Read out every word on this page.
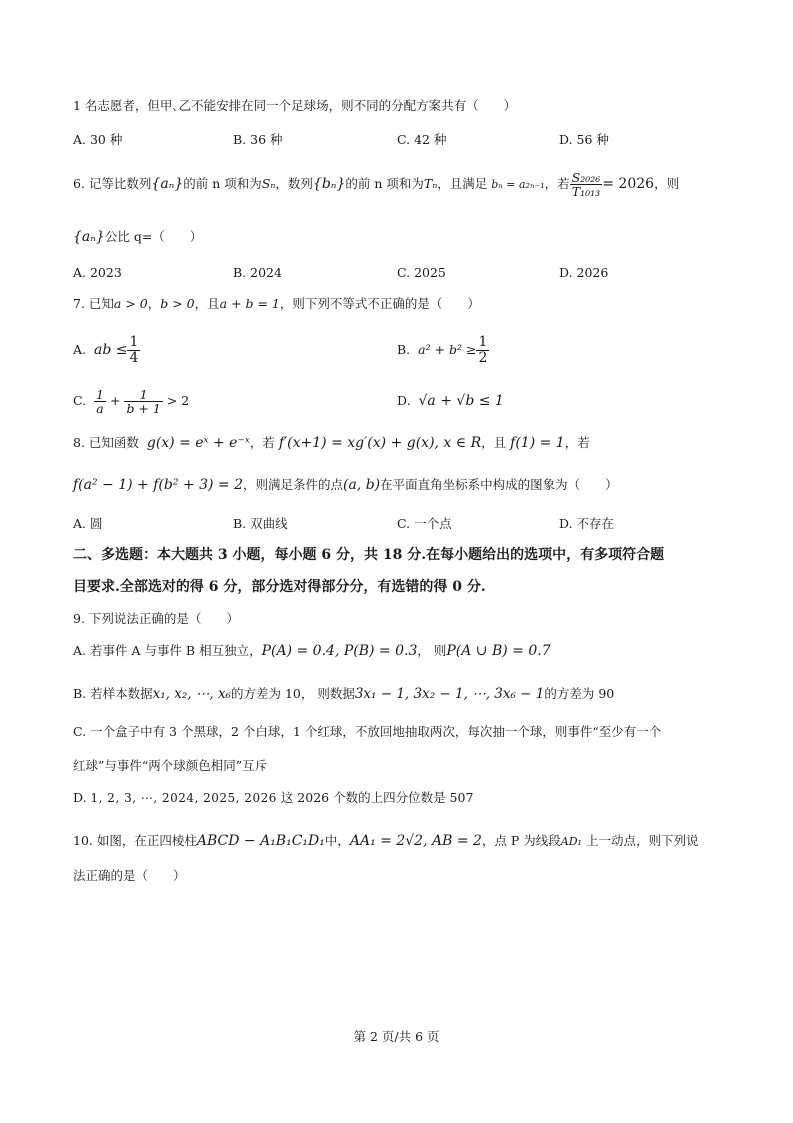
1 名志愿者，但甲､乙不能安排在同一个足球场，则不同的分配方案共有（　　）
A. 30 种	B. 36 种	C. 42 种	D. 56 种
6. 记等比数列{aₙ}的前 n 项和为Sₙ，数列{bₙ}的前 n 项和为Tₙ，且满足 bₙ = a₂ₙ₋₁，若 $\frac{\text{S₂₀₂₆}}{\text{T₁₀₁₃}} = 2026$，则
{aₙ}公比 q=（　　）
A. 2023	B. 2024	C. 2025	D. 2026
7. 已知a > 0，b > 0，且a + b = 1，则下列不等式不正确的是（　　）
A. ab ≤ $\frac{1}{4}$	B. $a^2 + b^2 \ge \frac{1}{2}$
C. $\frac{1}{a} + \frac{1}{b + 1} > 2$	D. √a + √b ≤ 1
8. 已知函数 g(x) = eˣ + e⁻ˣ，若 f′(x+1) = xg′(x) + g(x), x ∈ R，且 f(1) = 1，若
f(a² − 1) + f(b² + 3) = 2，则满足条件的点(a, b)在平面直角坐标系中构成的图象为（　　）
A. 圆	B. 双曲线	C. 一个点	D. 不存在
二、多选题：本大题共 3 小题，每小题 6 分，共 18 分.在每小题给出的选项中，有多项符合题
目要求.全部选对的得 6 分，部分选对得部分分，有选错的得 0 分.
9. 下列说法正确的是（　　）
A. 若事件 A 与事件 B 相互独立，P(A) = 0.4, P(B) = 0.3， 则P(A ∪ B) = 0.7
B. 若样本数据x₁, x₂, ⋯, x₆的方差为 10， 则数据3x₁ − 1, 3x₂ − 1, ⋯, 3x₆ − 1的方差为 90
C. 一个盒子中有 3 个黑球，2 个白球，1 个红球，不放回地抽取两次，每次抽一个球，则事件“至少有一个
红球”与事件“两个球颜色相同”互斥
D. 1, 2, 3, ⋯, 2024, 2025, 2026 这 2026 个数的上四分位数是 507
10. 如图，在正四棱柱ABCD − A₁B₁C₁D₁中，AA₁ = 2√2, AB = 2，点 P 为线段AD₁ 上一动点，则下列说
法正确的是（　　）
第 2 页/共 6 页
